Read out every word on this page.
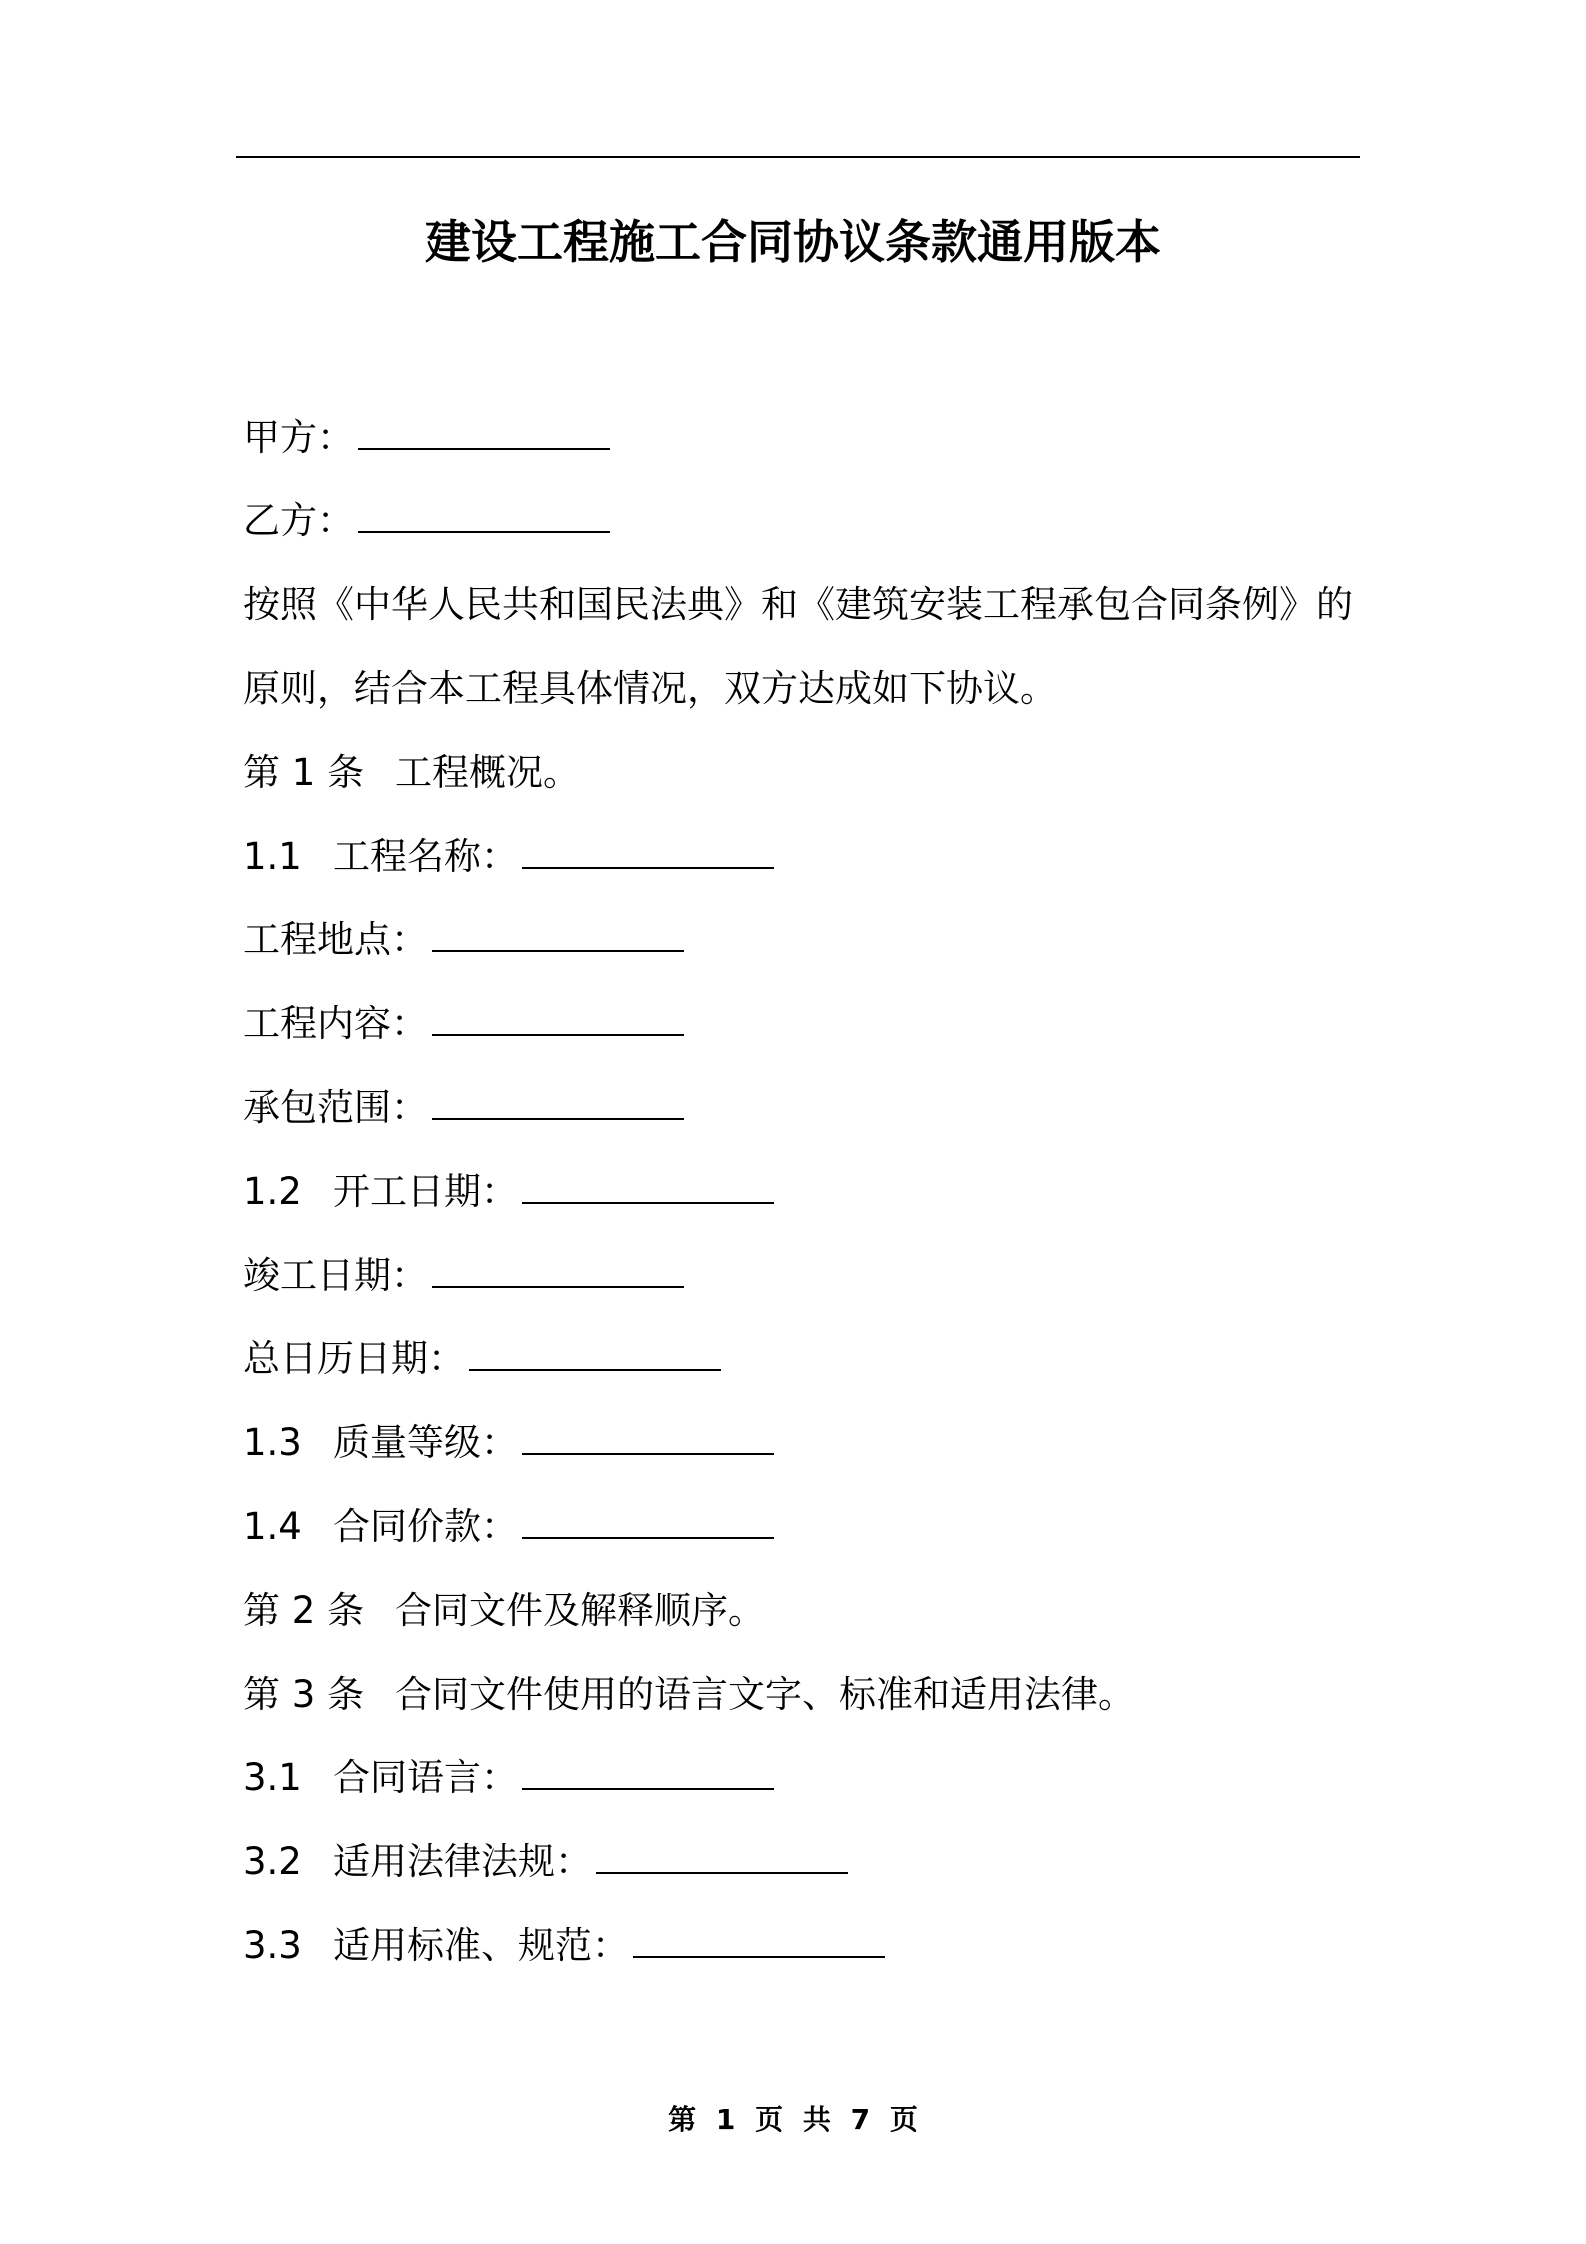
建设工程施工合同协议条款通用版本
甲方：
乙方：
按照《中华人民共和国民法典》和《建筑安装工程承包合同条例》的
原则，结合本工程具体情况，双方达成如下协议。
第 1 条 工程概况。
1.1 工程名称：
工程地点：
工程内容：
承包范围：
1.2 开工日期：
竣工日期：
总日历日期：
1.3 质量等级：
1.4 合同价款：
第 2 条 合同文件及解释顺序。
第 3 条 合同文件使用的语言文字、标准和适用法律。
3.1 合同语言：
3.2 适用法律法规：
3.3 适用标准、规范：
第 1 页 共 7 页
